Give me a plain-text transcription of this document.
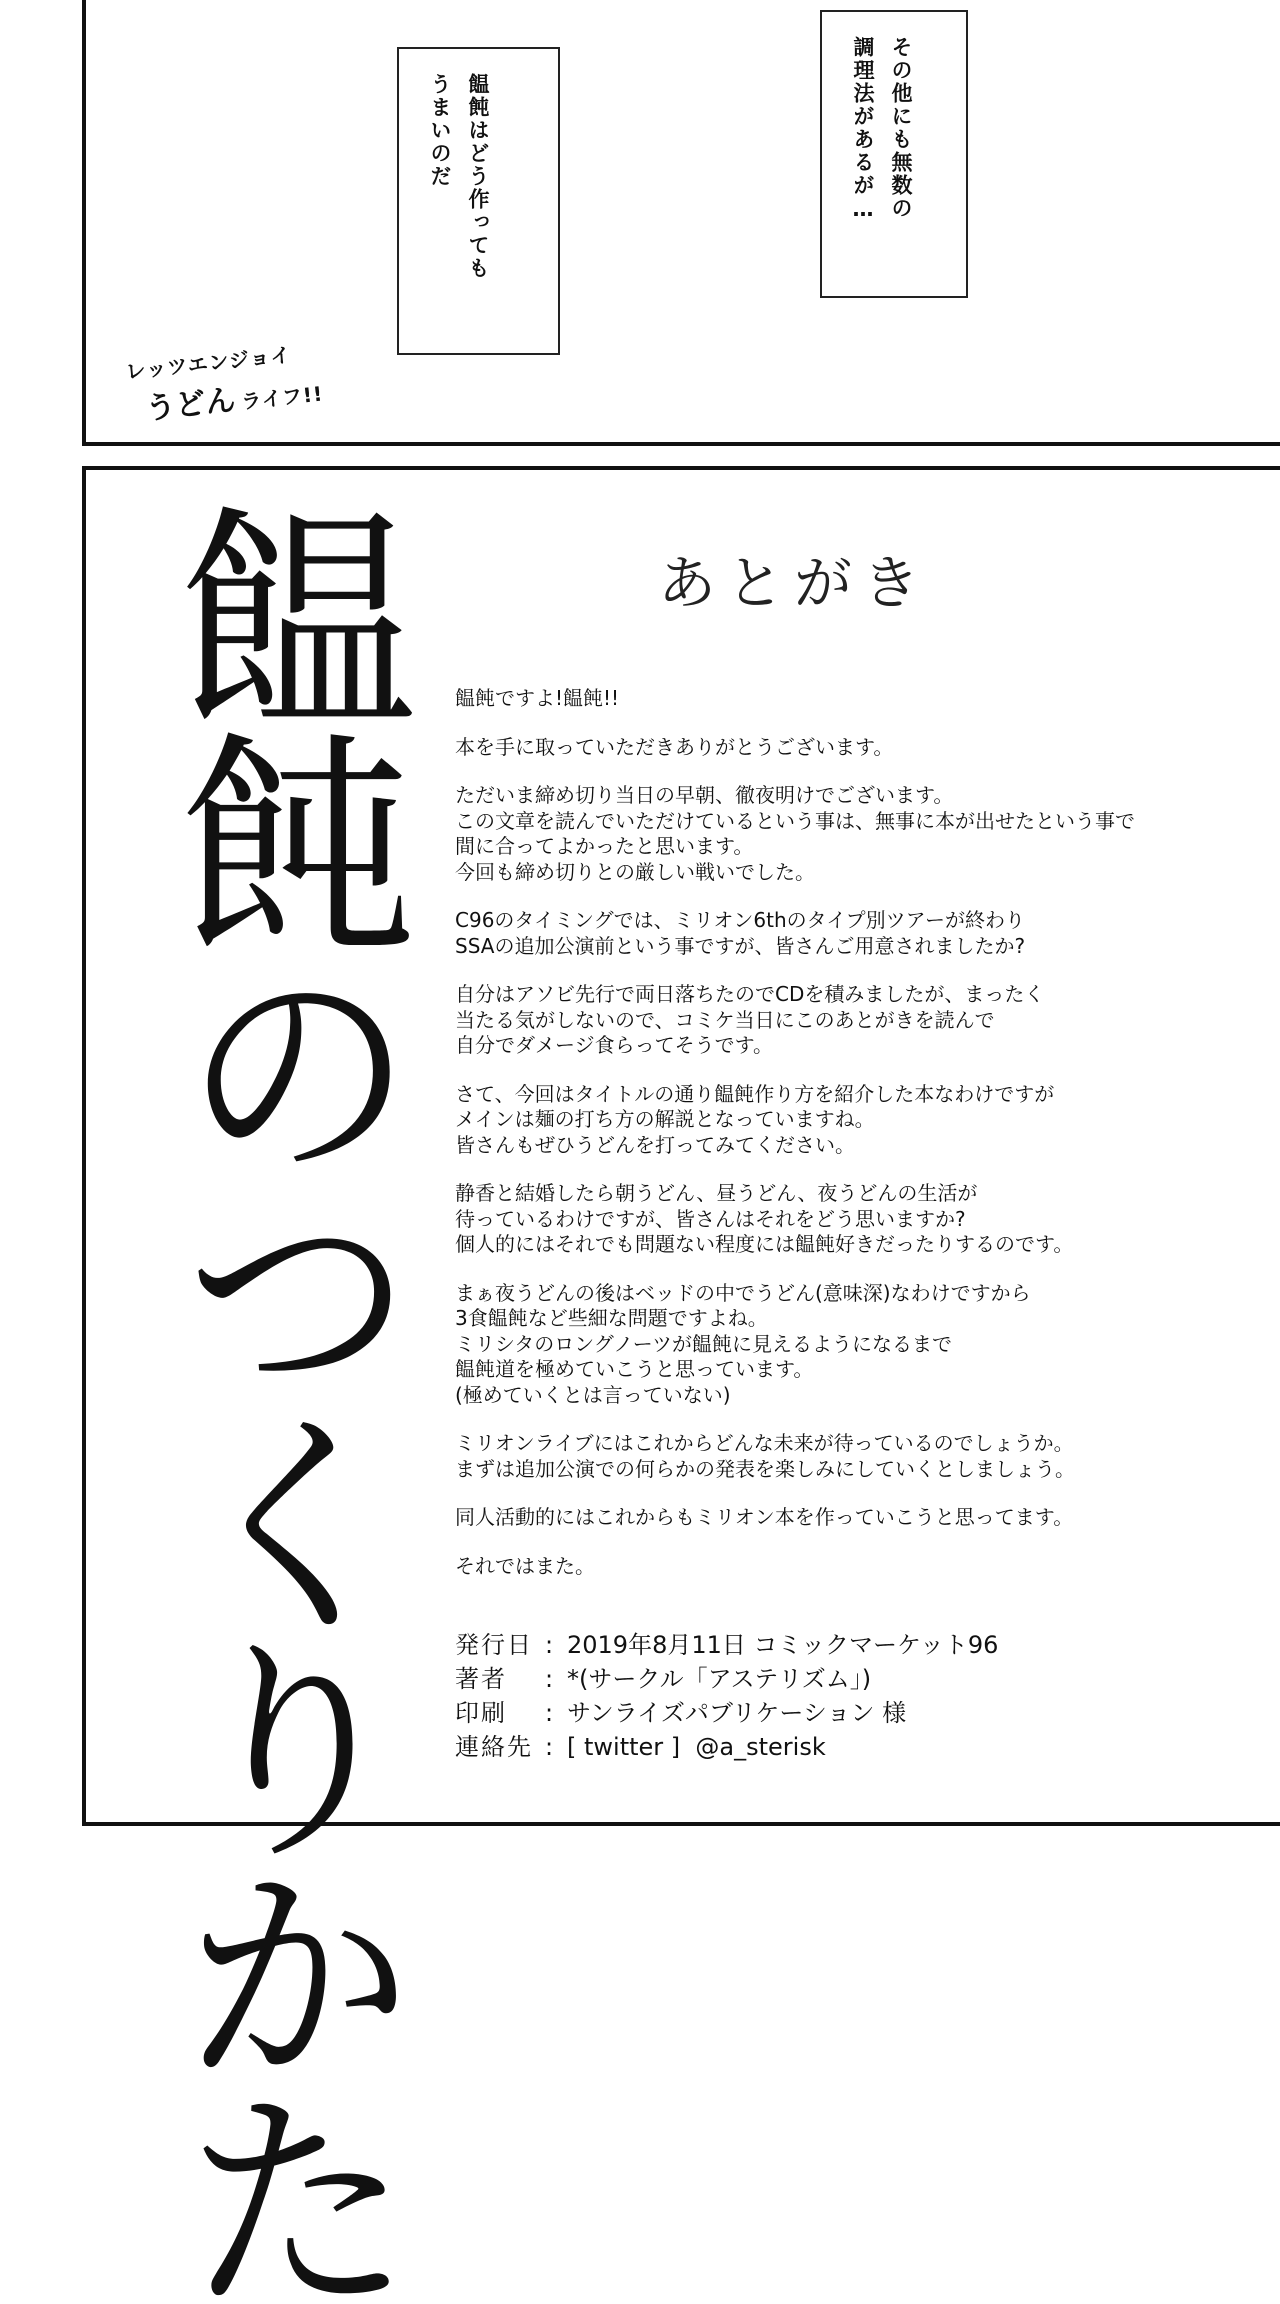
饂飩はどう作っても
うまいのだ	その他にも無数の
調理法があるが…
レッツエンジョイ
うどん ライフ!!
饂飩のつくりかた	あとがき

饂飩ですよ!饂飩!!

本を手に取っていただきありがとうございます。

ただいま締め切り当日の早朝、徹夜明けでございます。
この文章を読んでいただけているという事は、無事に本が出せたという事で
間に合ってよかったと思います。
今回も締め切りとの厳しい戦いでした。

C96のタイミングでは、ミリオン6thのタイプ別ツアーが終わり
SSAの追加公演前という事ですが、皆さんご用意されましたか?

自分はアソビ先行で両日落ちたのでCDを積みましたが、まったく
当たる気がしないので、コミケ当日にこのあとがきを読んで
自分でダメージ食らってそうです。

さて、今回はタイトルの通り饂飩作り方を紹介した本なわけですが
メインは麺の打ち方の解説となっていますね。
皆さんもぜひうどんを打ってみてください。

静香と結婚したら朝うどん、昼うどん、夜うどんの生活が
待っているわけですが、皆さんはそれをどう思いますか?
個人的にはそれでも問題ない程度には饂飩好きだったりするのです。

まぁ夜うどんの後はベッドの中でうどん(意味深)なわけですから
3食饂飩など些細な問題ですよね。
ミリシタのロングノーツが饂飩に見えるようになるまで
饂飩道を極めていこうと思っています。
(極めていくとは言っていない)

ミリオンライブにはこれからどんな未来が待っているのでしょうか。
まずは追加公演での何らかの発表を楽しみにしていくとしましょう。

同人活動的にはこれからもミリオン本を作っていこうと思ってます。

それではまた。

発行日 : 2019年8月11日 コミックマーケット96
著者	: *(サークル「アステリズム」)
印刷	: サンライズパブリケーション 様
連絡先 : [ twitter ]  @a_sterisk
